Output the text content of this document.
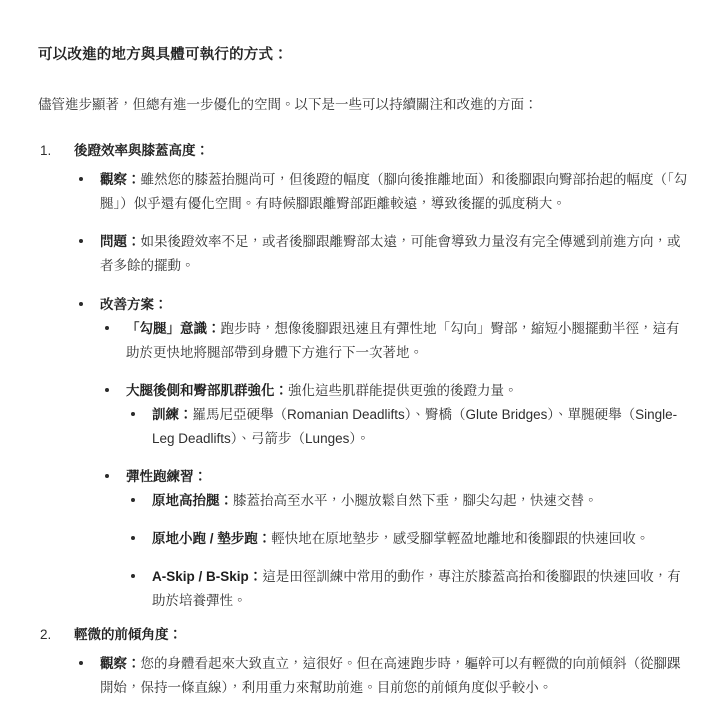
可以改進的地方與具體可執行的方式：

儘管進步顯著，但總有進一步優化的空間。以下是一些可以持續關注和改進的方面：

1. 後蹬效率與膝蓋高度：

觀察：雖然您的膝蓋抬腿尚可，但後蹬的幅度（腳向後推離地面）和後腳跟向臀部抬起的幅度（「勾腿」）似乎還有優化空間。有時候腳跟離臀部距離較遠，導致後擺的弧度稍大。

問題：如果後蹬效率不足，或者後腳跟離臀部太遠，可能會導致力量沒有完全傳遞到前進方向，或者多餘的擺動。

改善方案：

「勾腿」意識：跑步時，想像後腳跟迅速且有彈性地「勾向」臀部，縮短小腿擺動半徑，這有助於更快地將腿部帶到身體下方進行下一次著地。

大腿後側和臀部肌群強化：強化這些肌群能提供更強的後蹬力量。

訓練：羅馬尼亞硬舉（Romanian Deadlifts）、臀橋（Glute Bridges）、單腿硬舉（Single-Leg Deadlifts）、弓箭步（Lunges）。

彈性跑練習：

原地高抬腿：膝蓋抬高至水平，小腿放鬆自然下垂，腳尖勾起，快速交替。

原地小跑 / 墊步跑：輕快地在原地墊步，感受腳掌輕盈地離地和後腳跟的快速回收。

A-Skip / B-Skip：這是田徑訓練中常用的動作，專注於膝蓋高抬和後腳跟的快速回收，有助於培養彈性。

2. 輕微的前傾角度：

觀察：您的身體看起來大致直立，這很好。但在高速跑步時，軀幹可以有輕微的向前傾斜（從腳踝開始，保持一條直線），利用重力來幫助前進。目前您的前傾角度似乎較小。
